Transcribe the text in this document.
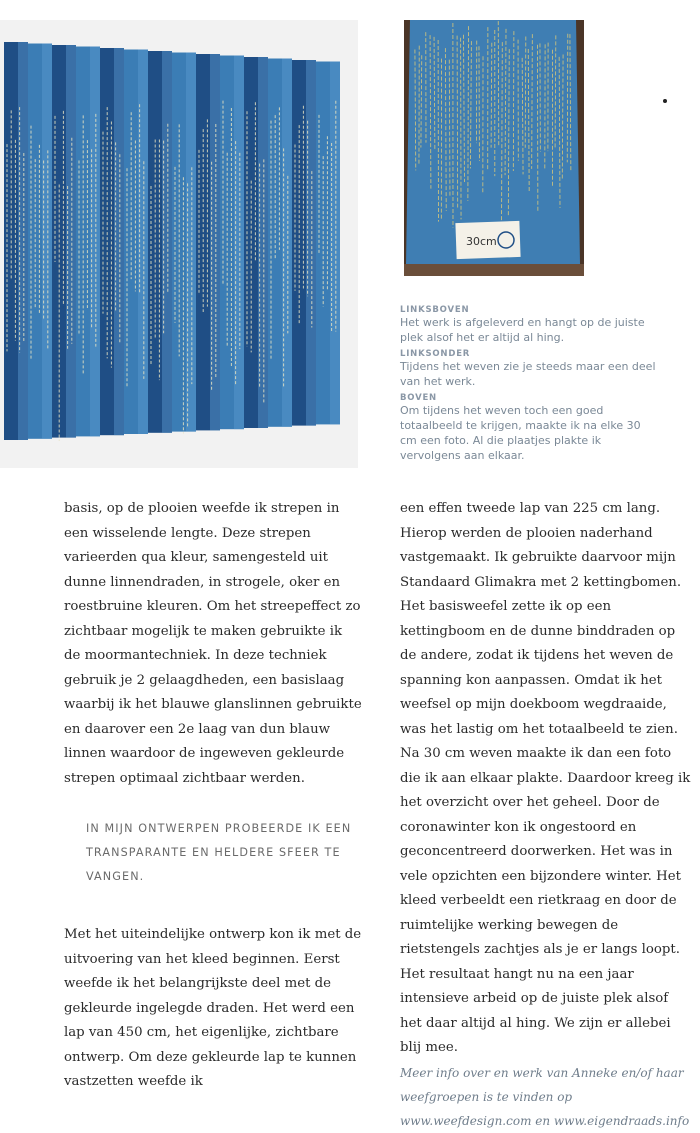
30cm

LINKSBOVEN

Het werk is afgeleverd en hangt op de juiste plek alsof het er altijd al hing.

LINKSONDER

Tijdens het weven zie je steeds maar een deel van het werk.

BOVEN

Om tijdens het weven toch een goed totaalbeeld te krijgen, maakte ik na elke 30 cm een foto. Al die plaatjes plakte ik vervolgens aan elkaar.

basis, op de plooien weefde ik strepen in een wisselende lengte. Deze strepen varieerden qua kleur, samengesteld uit dunne linnendraden, in strogele, oker en roestbruine kleuren. Om het streepeffect zo zichtbaar mogelijk te maken gebruikte ik de moormantechniek. In deze techniek gebruik je 2 gelaagdheden, een basislaag waarbij ik het blauwe glanslinnen gebruikte en daarover een 2e laag van dun blauw linnen waardoor de ingeweven gekleurde strepen optimaal zichtbaar werden.

IN MIJN ONTWERPEN PROBEERDE IK EEN TRANSPARANTE EN HELDERE SFEER TE VANGEN.

Met het uiteindelijke ontwerp kon ik met de uitvoering van het kleed beginnen. Eerst weefde ik het belangrijkste deel met de gekleurde ingelegde draden. Het werd een lap van 450 cm, het eigenlijke, zichtbare ontwerp. Om deze gekleurde lap te kunnen vastzetten weefde ik

een effen tweede lap van 225 cm lang. Hierop werden de plooien naderhand vastgemaakt. Ik gebruikte daarvoor mijn Standaard Glimakra met 2 kettingbomen. Het basisweefel zette ik op een kettingboom en de dunne binddraden op de andere, zodat ik tijdens het weven de spanning kon aanpassen. Omdat ik het weefsel op mijn doekboom wegdraaide, was het lastig om het totaalbeeld te zien. Na 30 cm weven maakte ik dan een foto die ik aan elkaar plakte. Daardoor kreeg ik het overzicht over het geheel. Door de coronawinter kon ik ongestoord en geconcentreerd doorwerken. Het was in vele opzichten een bijzondere winter. Het kleed verbeeldt een rietkraag en door de ruimtelijke werking bewegen de rietstengels zachtjes als je er langs loopt. Het resultaat hangt nu na een jaar intensieve arbeid op de juiste plek alsof het daar altijd al hing. We zijn er allebei blij mee.

Meer info over en werk van Anneke en/of haar weefgroepen is te vinden op www.weefdesign.com en www.eigendraads.info
